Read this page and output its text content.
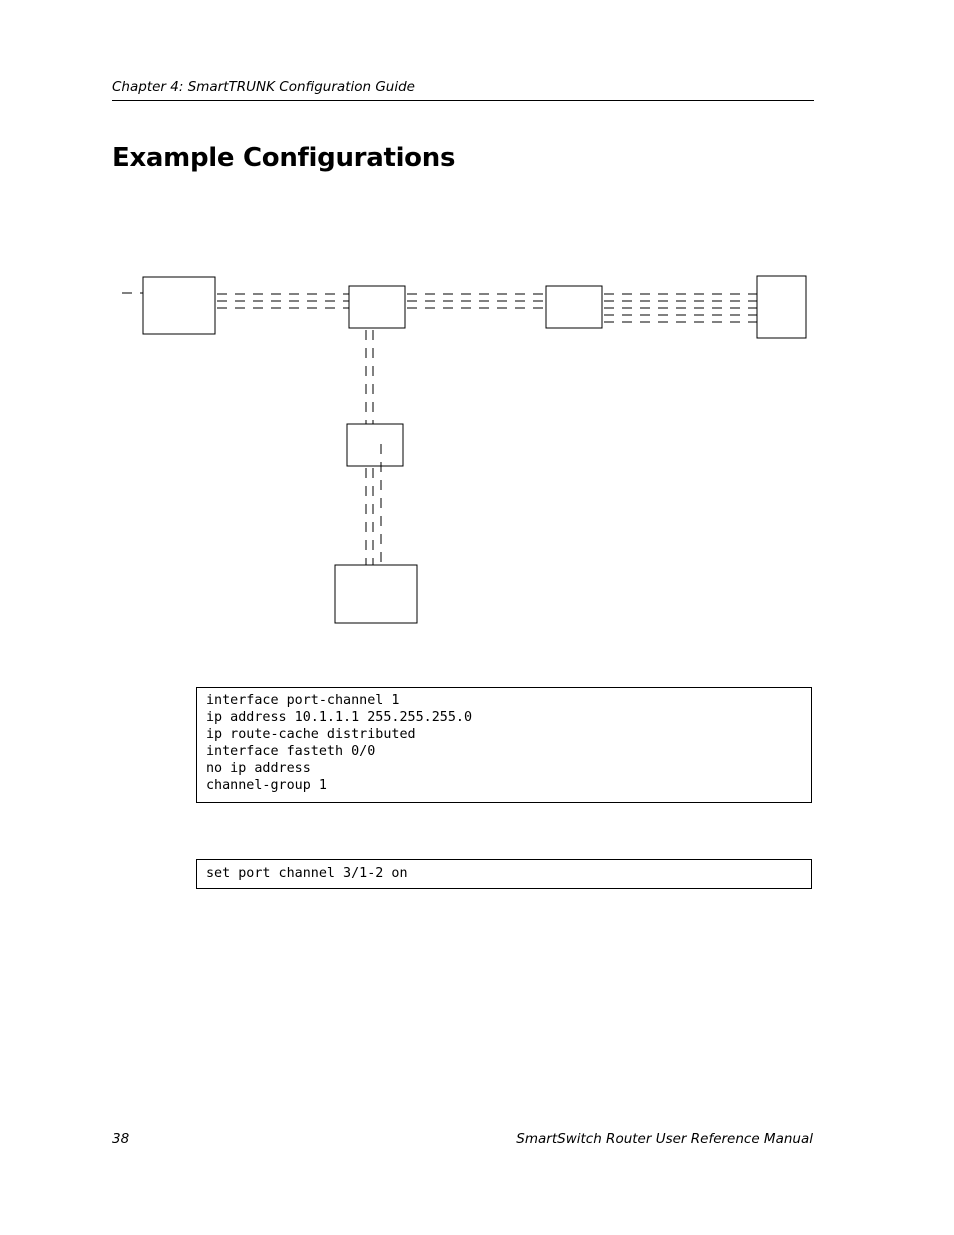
Chapter 4: SmartTRUNK Configuration Guide
Example Configurations
interface port-channel 1
ip address 10.1.1.1 255.255.255.0
ip route-cache distributed
interface fasteth 0/0
no ip address
channel-group 1
set port channel 3/1-2 on
38	SmartSwitch Router User Reference Manual
